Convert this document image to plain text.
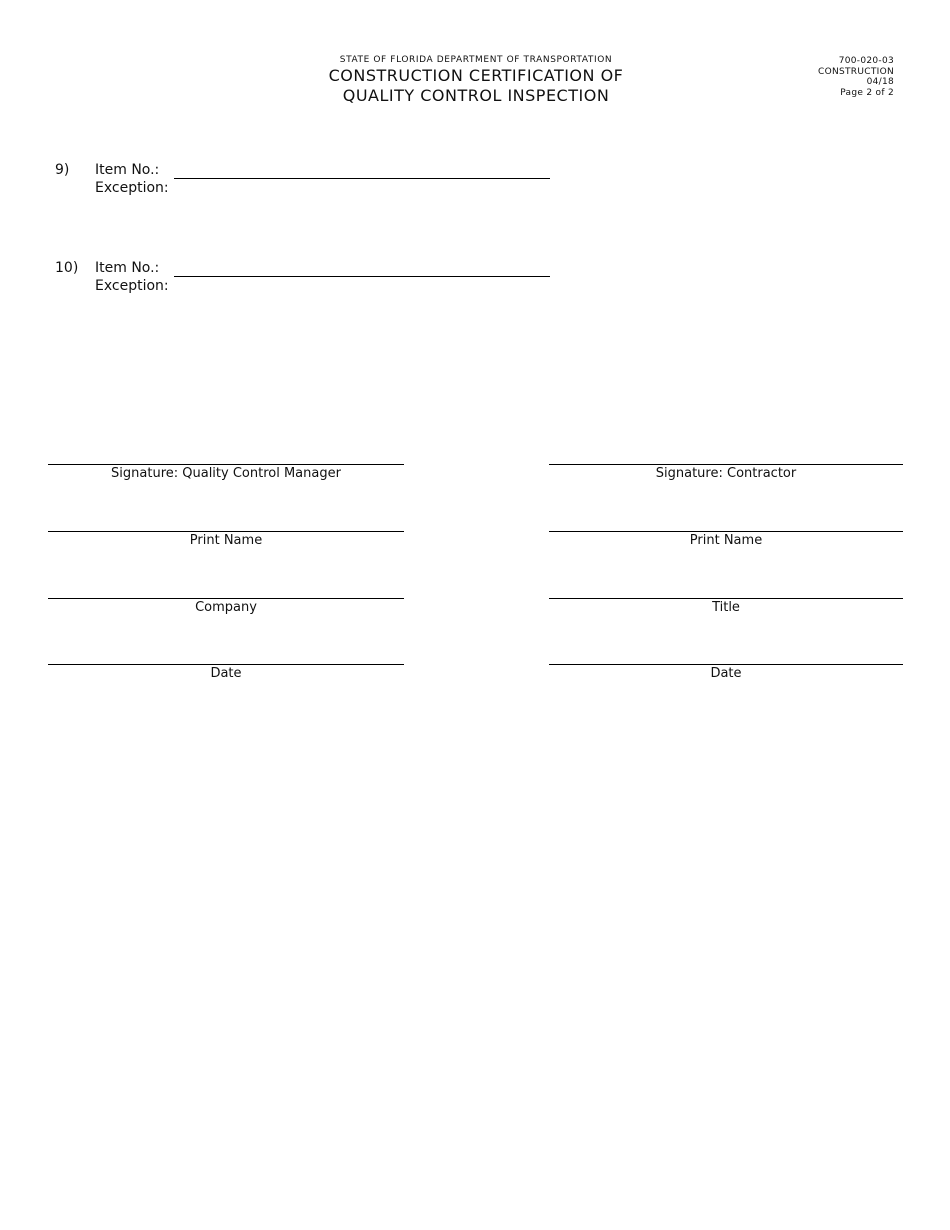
STATE OF FLORIDA DEPARTMENT OF TRANSPORTATION
CONSTRUCTION CERTIFICATION OF
QUALITY CONTROL INSPECTION
700-020-03
CONSTRUCTION
04/18
Page 2 of 2
9) Item No.:
Exception:
10) Item No.:
Exception:
Signature: Quality Control Manager
Print Name
Company
Date
Signature: Contractor
Print Name
Title
Date
